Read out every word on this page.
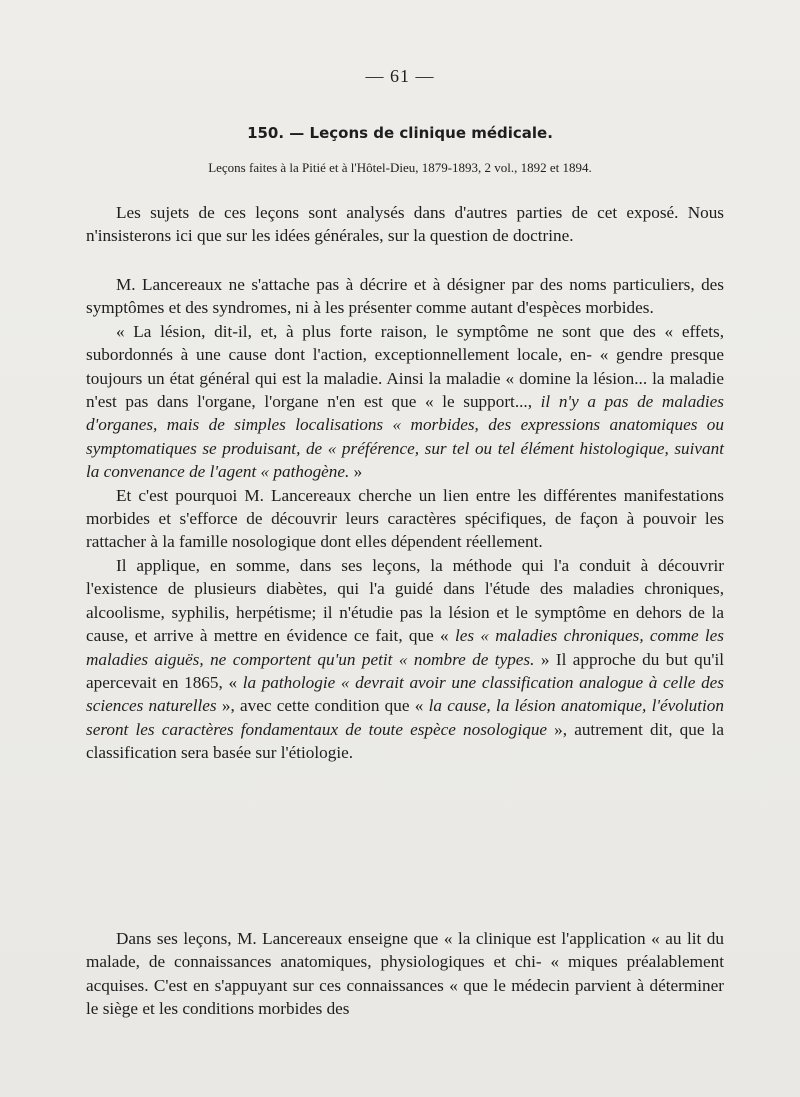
— 61 —
150. — Leçons de clinique médicale.
Leçons faites à la Pitié et à l'Hôtel-Dieu, 1879-1893, 2 vol., 1892 et 1894.

Les sujets de ces leçons sont analysés dans d'autres parties de cet exposé. Nous n'insisterons ici que sur les idées générales, sur la question de doctrine.

M. Lancereaux ne s'attache pas à décrire et à désigner par des noms particuliers, des symptômes et des syndromes, ni à les présenter comme autant d'espèces morbides.

« La lésion, dit-il, et, à plus forte raison, le symptôme ne sont que des « effets, subordonnés à une cause dont l'action, exceptionnellement locale, en- « gendre presque toujours un état général qui est la maladie. Ainsi la maladie « domine la lésion... la maladie n'est pas dans l'organe, l'organe n'en est que « le support..., il n'y a pas de maladies d'organes, mais de simples localisations « morbides, des expressions anatomiques ou symptomatiques se produisant, de « préférence, sur tel ou tel élément histologique, suivant la convenance de l'agent « pathogène. »

Et c'est pourquoi M. Lancereaux cherche un lien entre les différentes manifestations morbides et s'efforce de découvrir leurs caractères spécifiques, de façon à pouvoir les rattacher à la famille nosologique dont elles dépendent réellement.

Il applique, en somme, dans ses leçons, la méthode qui l'a conduit à découvrir l'existence de plusieurs diabètes, qui l'a guidé dans l'étude des maladies chroniques, alcoolisme, syphilis, herpétisme; il n'étudie pas la lésion et le symptôme en dehors de la cause, et arrive à mettre en évidence ce fait, que « les « maladies chroniques, comme les maladies aiguës, ne comportent qu'un petit « nombre de types. » Il approche du but qu'il apercevait en 1865, « la pathologie « devrait avoir une classification analogue à celle des sciences naturelles », avec cette condition que « la cause, la lésion anatomique, l'évolution seront les caractères fondamentaux de toute espèce nosologique », autrement dit, que la classification sera basée sur l'étiologie.

Dans ses leçons, M. Lancereaux enseigne que « la clinique est l'application « au lit du malade, de connaissances anatomiques, physiologiques et chi- « miques préalablement acquises. C'est en s'appuyant sur ces connaissances « que le médecin parvient à déterminer le siège et les conditions morbides des
